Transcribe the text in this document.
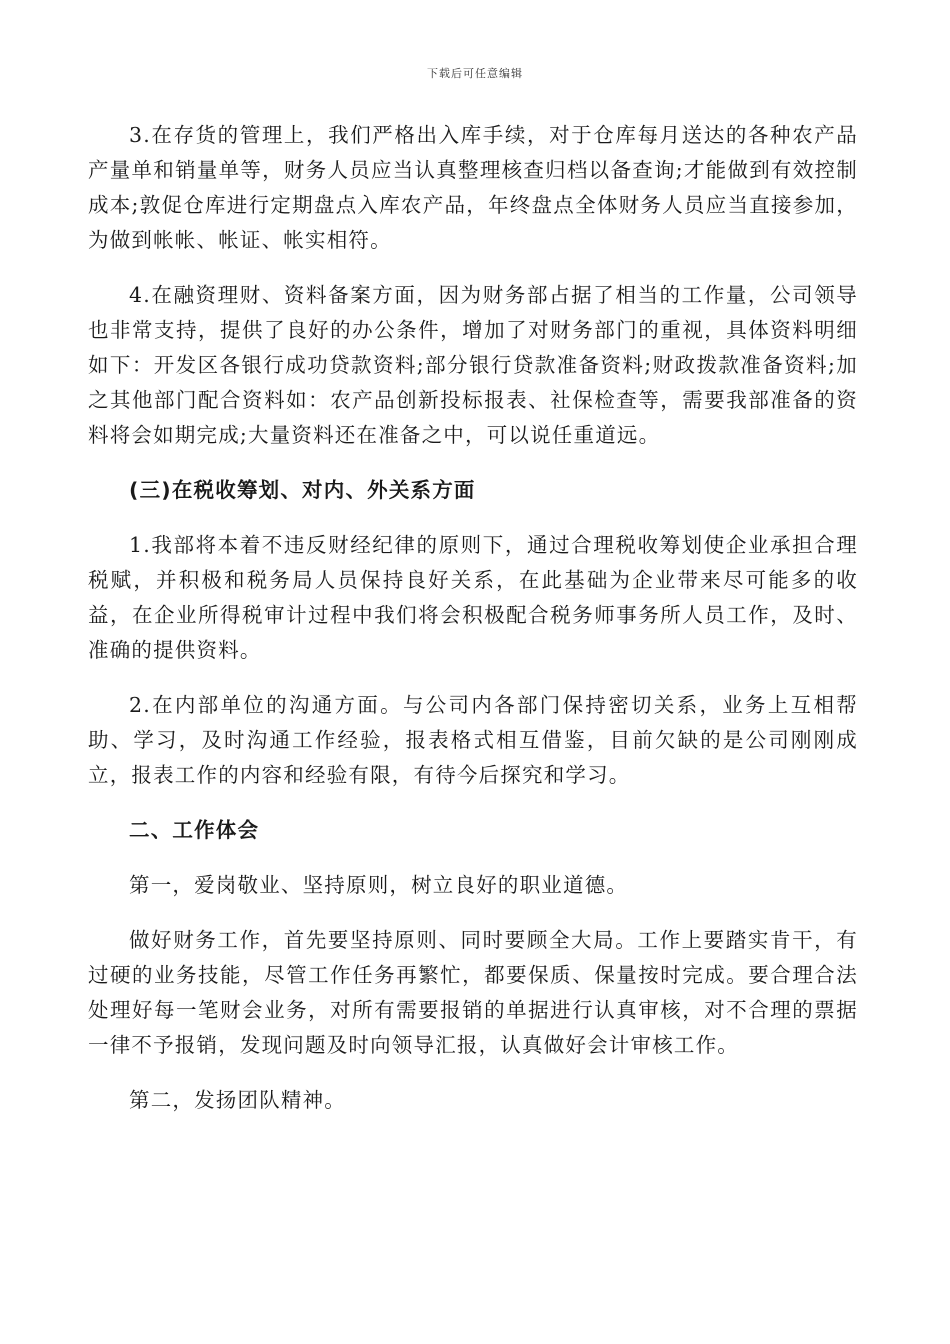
下载后可任意编辑

3.在存货的管理上，我们严格出入库手续，对于仓库每月送达的各种农产品产量单和销量单等，财务人员应当认真整理核查归档以备查询;才能做到有效控制成本;敦促仓库进行定期盘点入库农产品，年终盘点全体财务人员应当直接参加，为做到帐帐、帐证、帐实相符。

4.在融资理财、资料备案方面，因为财务部占据了相当的工作量，公司领导也非常支持，提供了良好的办公条件，增加了对财务部门的重视，具体资料明细如下：开发区各银行成功贷款资料;部分银行贷款准备资料;财政拨款准备资料;加之其他部门配合资料如：农产品创新投标报表、社保检查等，需要我部准备的资料将会如期完成;大量资料还在准备之中，可以说任重道远。

(三)在税收筹划、对内、外关系方面

1.我部将本着不违反财经纪律的原则下，通过合理税收筹划使企业承担合理税赋，并积极和税务局人员保持良好关系，在此基础为企业带来尽可能多的收益，在企业所得税审计过程中我们将会积极配合税务师事务所人员工作，及时、准确的提供资料。

2.在内部单位的沟通方面。与公司内各部门保持密切关系，业务上互相帮助、学习，及时沟通工作经验，报表格式相互借鉴，目前欠缺的是公司刚刚成立，报表工作的内容和经验有限，有待今后探究和学习。

二、工作体会

第一，爱岗敬业、坚持原则，树立良好的职业道德。

做好财务工作，首先要坚持原则、同时要顾全大局。工作上要踏实肯干，有过硬的业务技能，尽管工作任务再繁忙，都要保质、保量按时完成。要合理合法处理好每一笔财会业务，对所有需要报销的单据进行认真审核，对不合理的票据一律不予报销，发现问题及时向领导汇报，认真做好会计审核工作。

第二，发扬团队精神。
